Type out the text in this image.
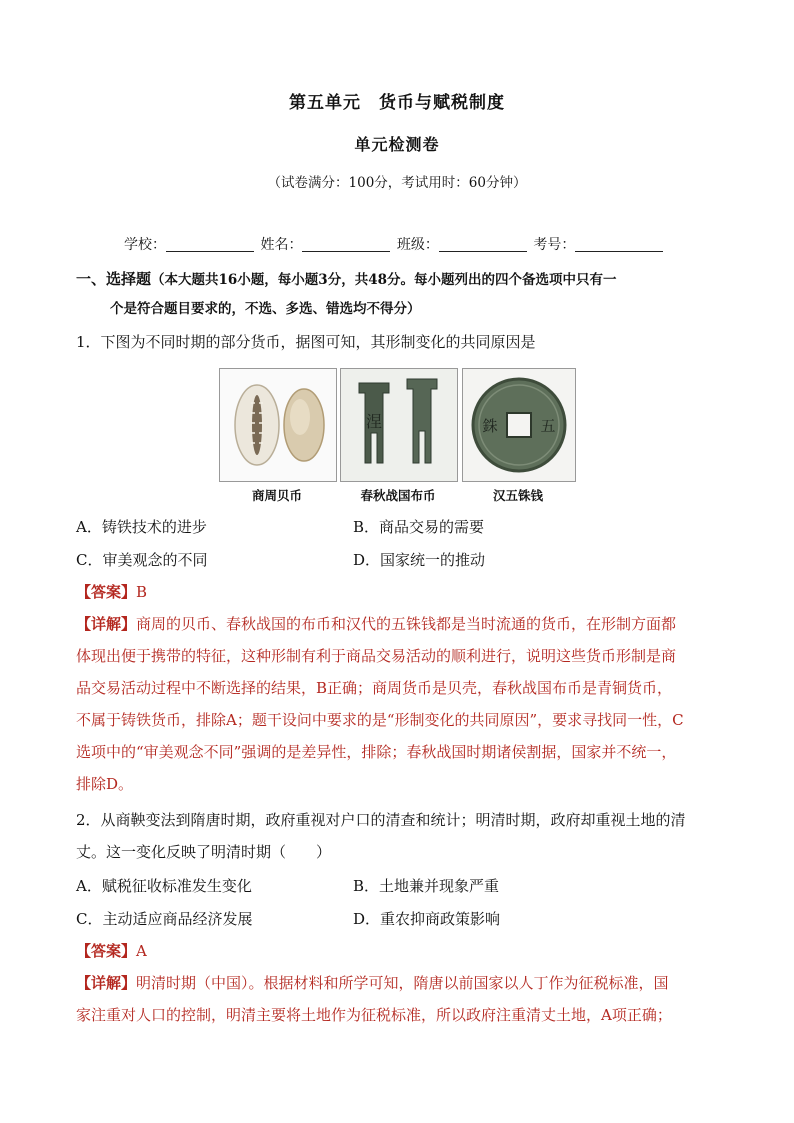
第五单元　货币与赋税制度
单元检测卷
（试卷满分：100分，考试用时：60分钟）
学校：	姓名：	班级：	考号：
一、选择题（本大题共16小题，每小题3分，共48分。每小题列出的四个备选项中只有一
个是符合题目要求的，不选、多选、错选均不得分）
1．下图为不同时期的部分货币，据图可知，其形制变化的共同原因是
涅	銖	五
商周贝币	春秋战国布币	汉五铢钱
A．铸铁技术的进步	B．商品交易的需要
C．审美观念的不同	D．国家统一的推动
【答案】B
【详解】商周的贝币、春秋战国的布币和汉代的五铢钱都是当时流通的货币，在形制方面都
体现出便于携带的特征，这种形制有利于商品交易活动的顺利进行，说明这些货币形制是商
品交易活动过程中不断选择的结果，B正确；商周货币是贝壳，春秋战国布币是青铜货币，
不属于铸铁货币，排除A；题干设问中要求的是“形制变化的共同原因”，要求寻找同一性，C
选项中的“审美观念不同”强调的是差异性，排除；春秋战国时期诸侯割据，国家并不统一，
排除D。
2．从商鞅变法到隋唐时期，政府重视对户口的清查和统计；明清时期，政府却重视土地的清
丈。这一变化反映了明清时期（　　）
A．赋税征收标准发生变化	B．土地兼并现象严重
C．主动适应商品经济发展	D．重农抑商政策影响
【答案】A
【详解】明清时期（中国）。根据材料和所学可知，隋唐以前国家以人丁作为征税标准，国
家注重对人口的控制，明清主要将土地作为征税标准，所以政府注重清丈土地，A项正确；
